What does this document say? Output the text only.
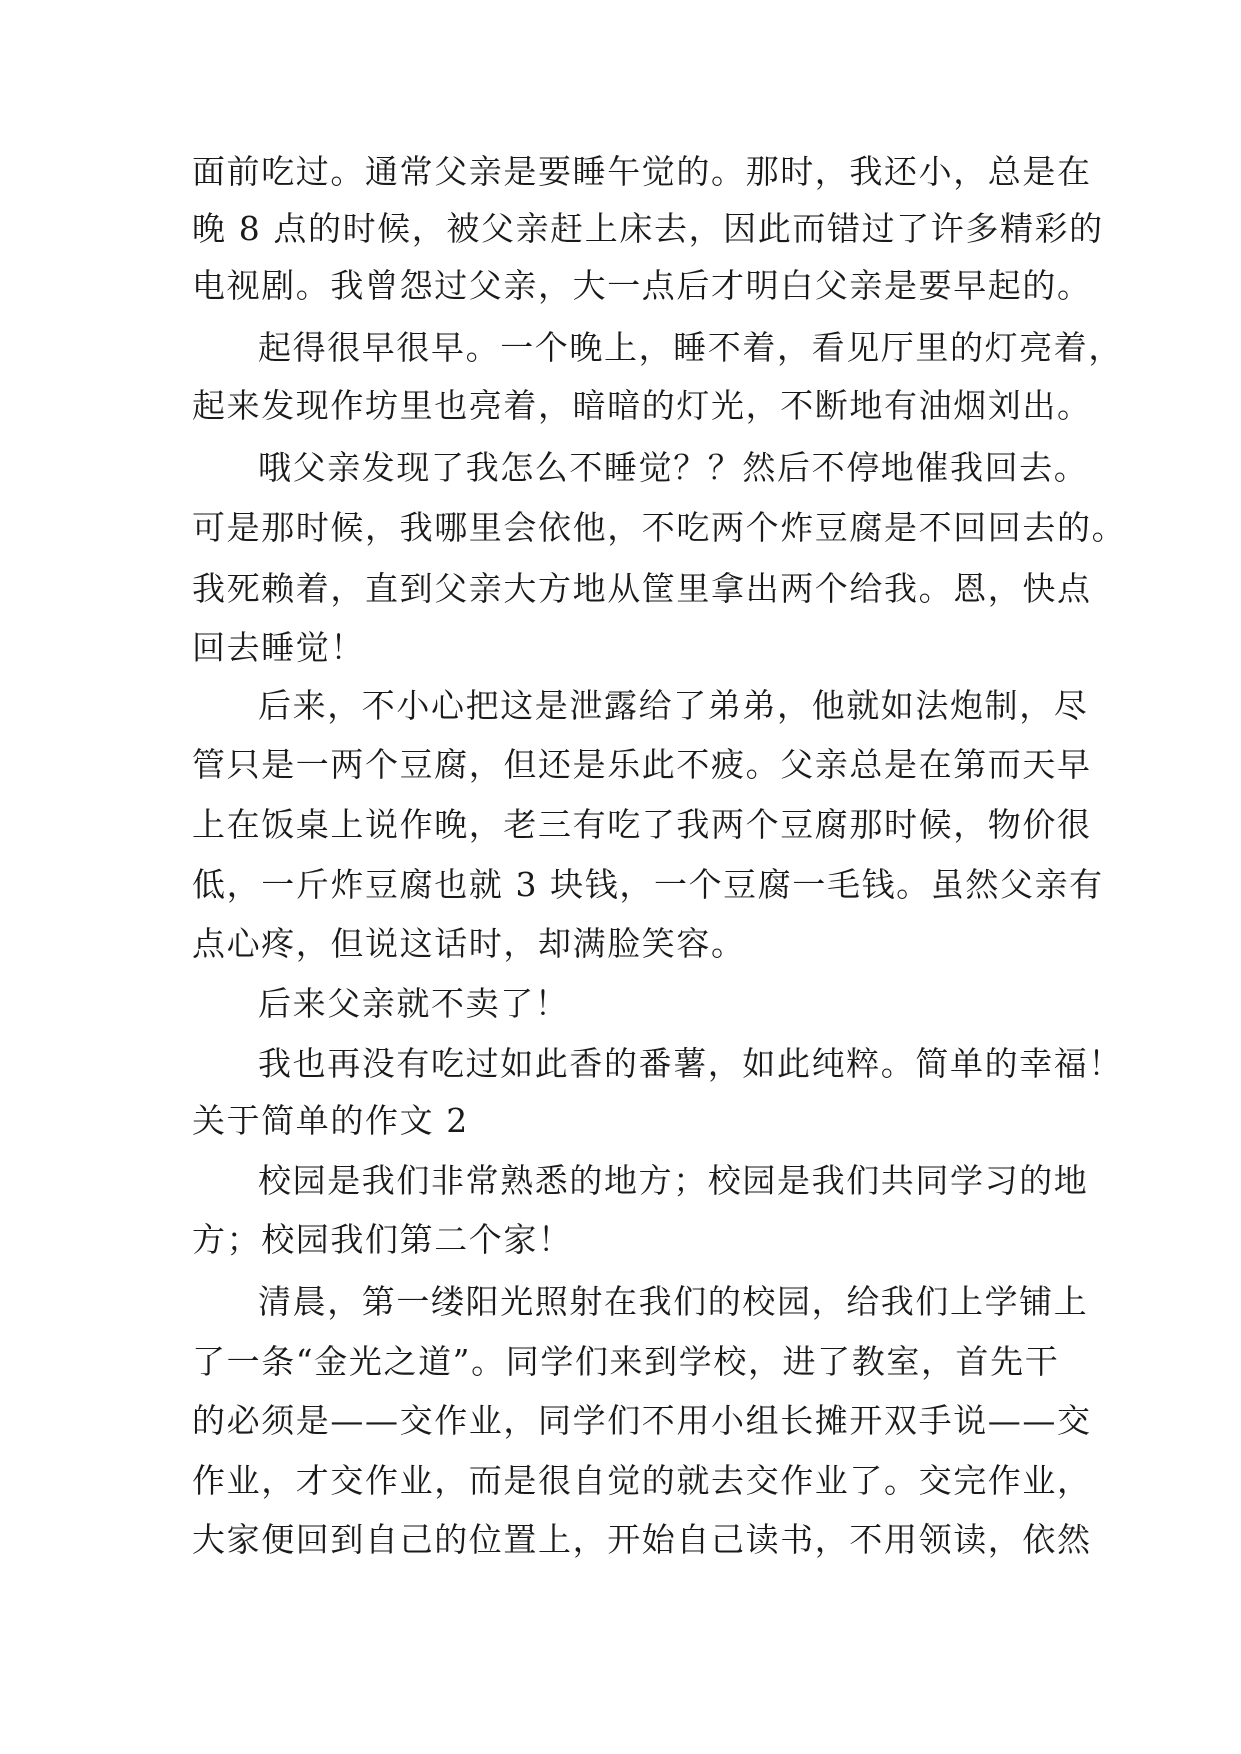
面前吃过。通常父亲是要睡午觉的。那时，我还小，总是在
晚 8 点的时候，被父亲赶上床去，因此而错过了许多精彩的
电视剧。我曾怨过父亲，大一点后才明白父亲是要早起的。
起得很早很早。一个晚上，睡不着，看见厅里的灯亮着，
起来发现作坊里也亮着，暗暗的灯光，不断地有油烟刘出。
哦父亲发现了我怎么不睡觉？？然后不停地催我回去。
可是那时候，我哪里会依他，不吃两个炸豆腐是不回回去的。
我死赖着，直到父亲大方地从筐里拿出两个给我。恩，快点
回去睡觉！
后来，不小心把这是泄露给了弟弟，他就如法炮制，尽
管只是一两个豆腐，但还是乐此不疲。父亲总是在第而天早
上在饭桌上说作晚，老三有吃了我两个豆腐那时候，物价很
低，一斤炸豆腐也就 3 块钱，一个豆腐一毛钱。虽然父亲有
点心疼，但说这话时，却满脸笑容。
后来父亲就不卖了！
我也再没有吃过如此香的番薯，如此纯粹。简单的幸福！
关于简单的作文 2
校园是我们非常熟悉的地方；校园是我们共同学习的地
方；校园我们第二个家！
清晨，第一缕阳光照射在我们的校园，给我们上学铺上
了一条“金光之道”。同学们来到学校，进了教室，首先干
的必须是——交作业，同学们不用小组长摊开双手说——交
作业，才交作业，而是很自觉的就去交作业了。交完作业，
大家便回到自己的位置上，开始自己读书，不用领读，依然
